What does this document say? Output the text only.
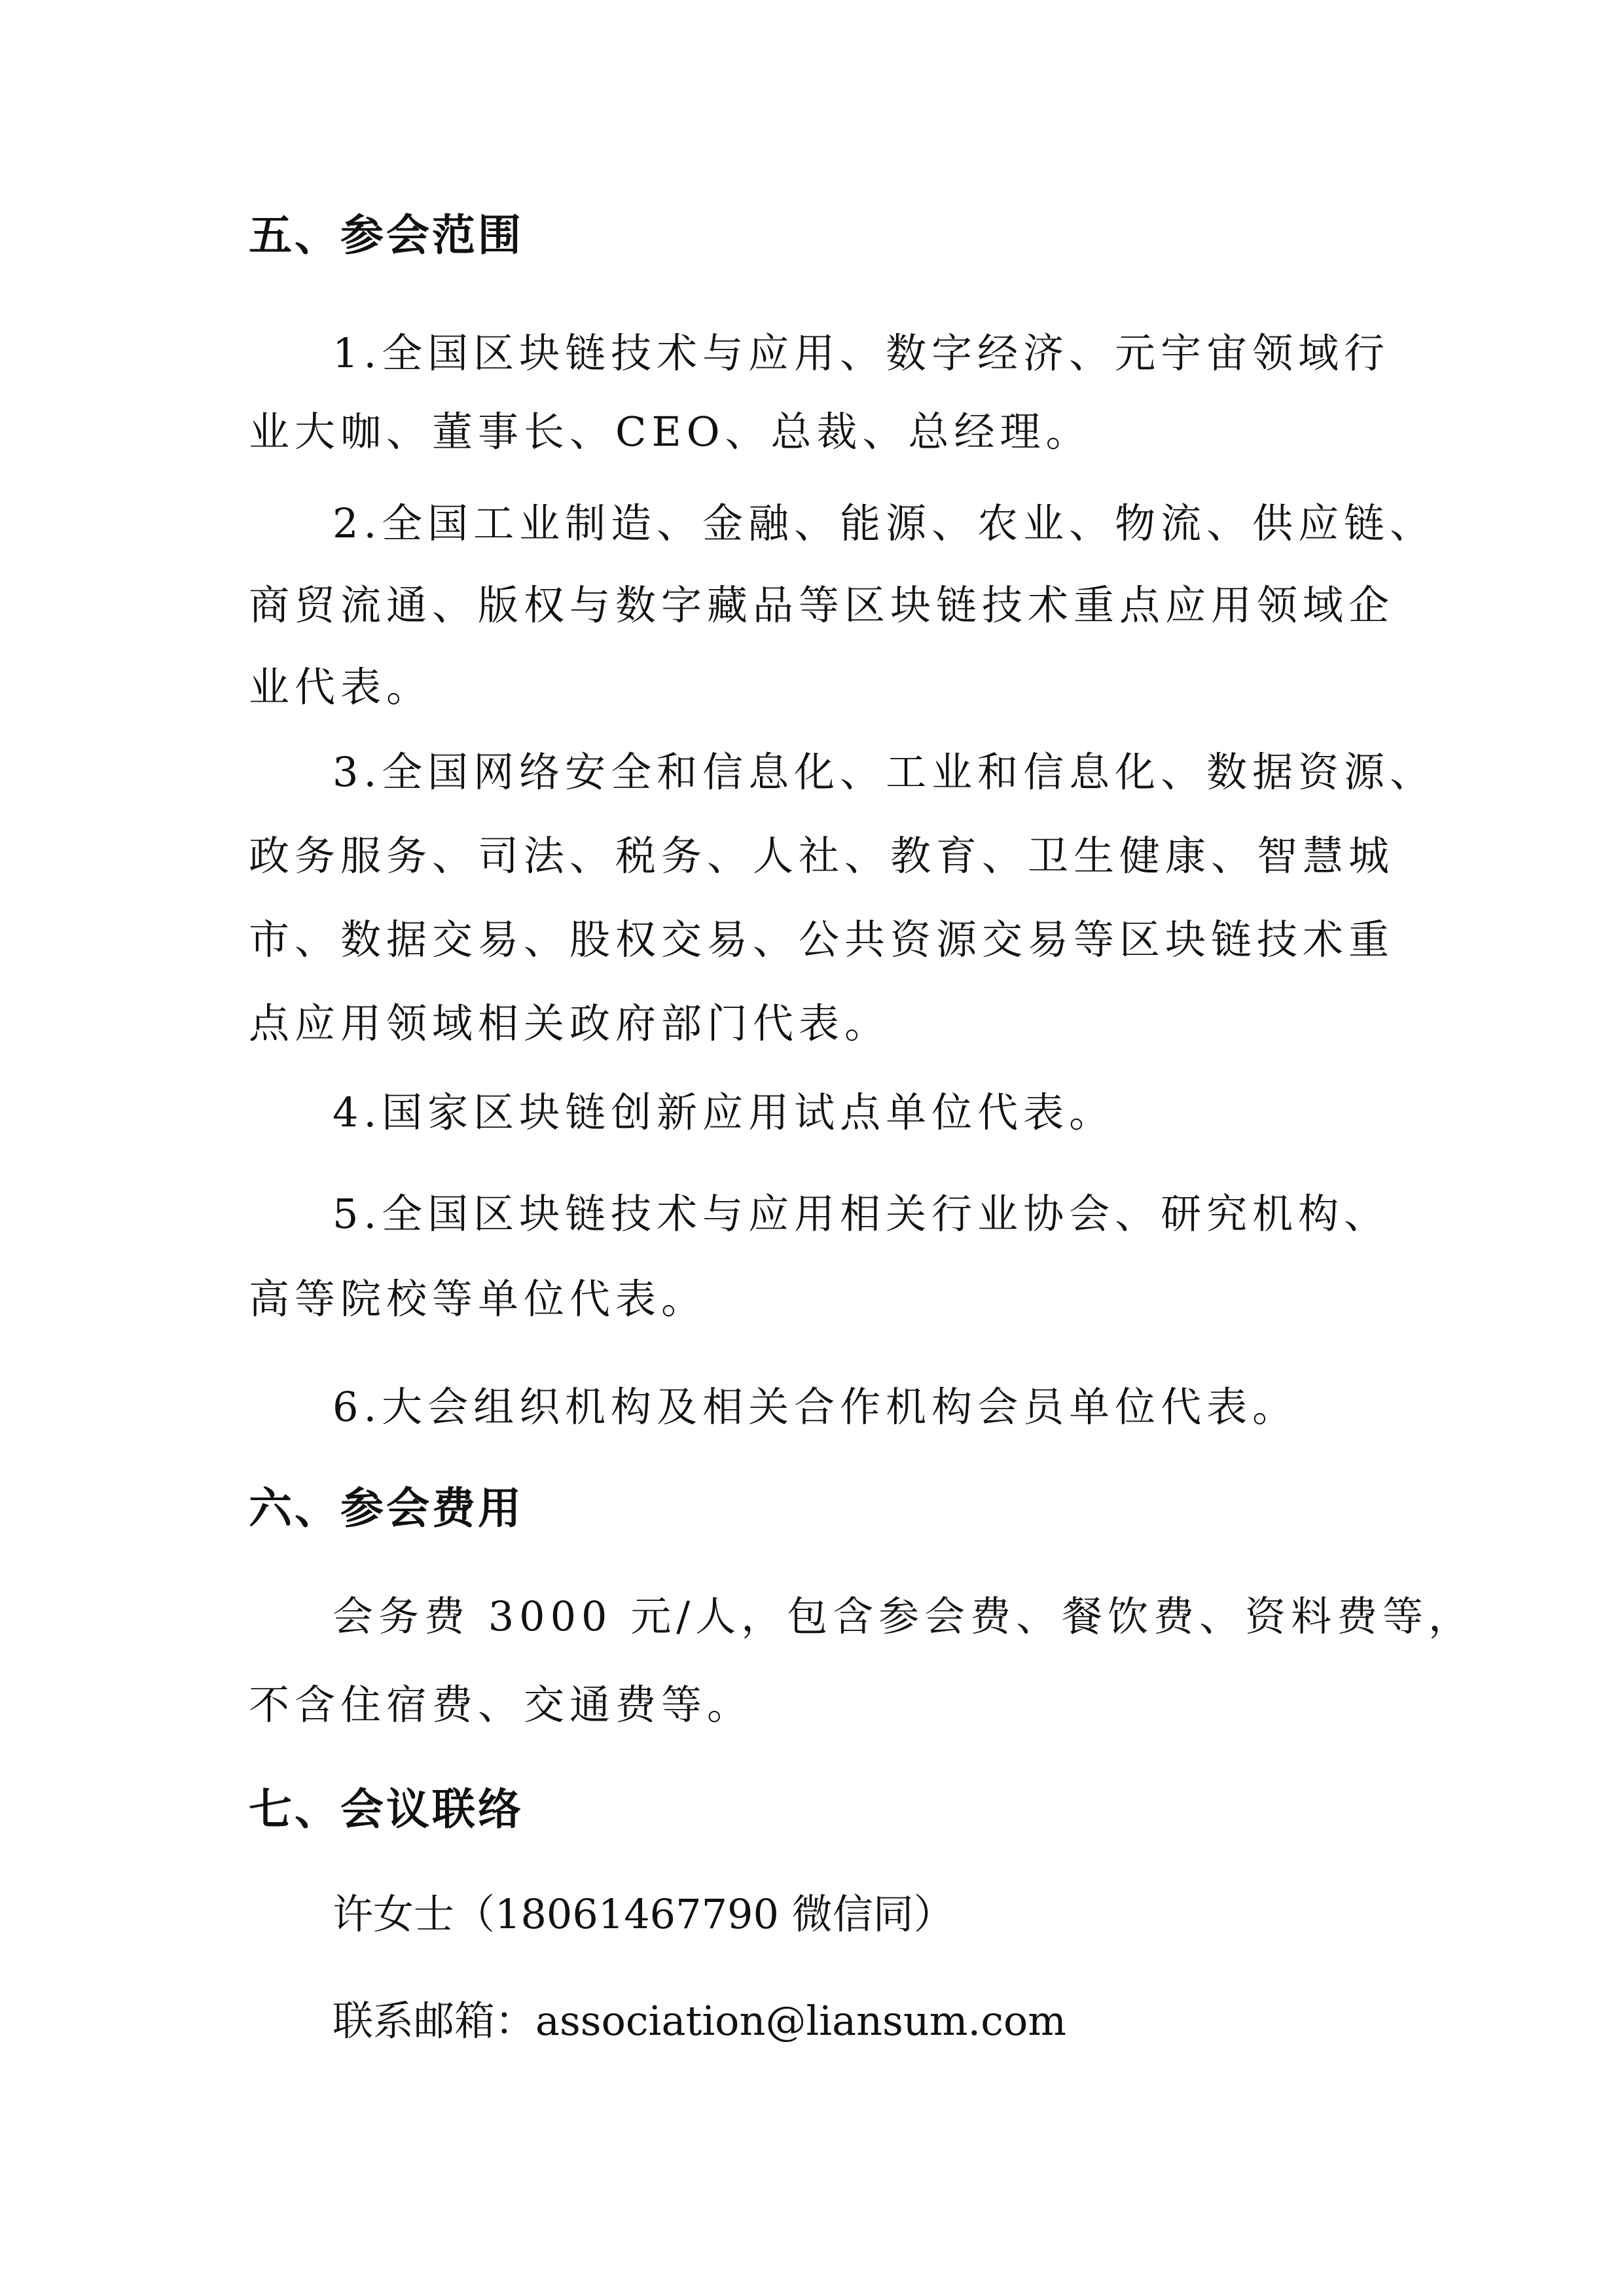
五、参会范围
1.全国区块链技术与应用、数字经济、元宇宙领域行
业大咖、董事长、CEO、总裁、总经理。
2.全国工业制造、金融、能源、农业、物流、供应链、
商贸流通、版权与数字藏品等区块链技术重点应用领域企
业代表。
3.全国网络安全和信息化、工业和信息化、数据资源、
政务服务、司法、税务、人社、教育、卫生健康、智慧城
市、数据交易、股权交易、公共资源交易等区块链技术重
点应用领域相关政府部门代表。
4.国家区块链创新应用试点单位代表。
5.全国区块链技术与应用相关行业协会、研究机构、
高等院校等单位代表。
6.大会组织机构及相关合作机构会员单位代表。
六、参会费用
会务费 3000 元/人，包含参会费、餐饮费、资料费等，
不含住宿费、交通费等。
七、会议联络
许女士（18061467790 微信同）
联系邮箱：association@liansum.com
